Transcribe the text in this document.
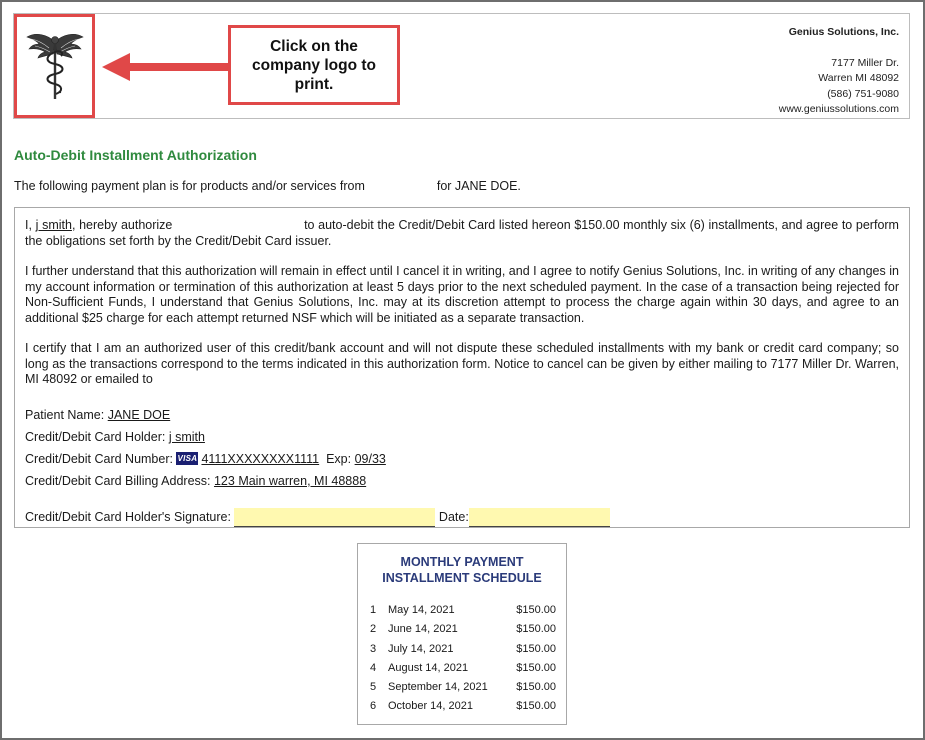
Click on the company logo to print.
Genius Solutions, Inc.
7177 Miller Dr.
Warren MI 48092
(586) 751-9080
www.geniussolutions.com
Auto-Debit Installment Authorization
The following payment plan is for products and/or services from	for JANE DOE.

I, j smith, hereby authorize	to auto-debit the Credit/Debit Card listed hereon $150.00 monthly six (6) installments, and agree to perform the obligations set forth by the Credit/Debit Card issuer.

I further understand that this authorization will remain in effect until I cancel it in writing, and I agree to notify Genius Solutions, Inc. in writing of any changes in my account information or termination of this authorization at least 5 days prior to the next scheduled payment. In the case of a transaction being rejected for Non-Sufficient Funds, I understand that Genius Solutions, Inc. may at its discretion attempt to process the charge again within 30 days, and agree to an additional $25 charge for each attempt returned NSF which will be initiated as a separate transaction.

I certify that I am an authorized user of this credit/bank account and will not dispute these scheduled installments with my bank or credit card company; so long as the transactions correspond to the terms indicated in this authorization form. Notice to cancel can be given by either mailing to 7177 Miller Dr. Warren, MI 48092 or emailed to

Patient Name: JANE DOE
Credit/Debit Card Holder: j smith
Credit/Debit Card Number: VISA 4111XXXXXXXX1111 Exp: 09/33
Credit/Debit Card Billing Address: 123 Main warren, MI 48888
Credit/Debit Card Holder's Signature:	Date:
MONTHLY PAYMENT
INSTALLMENT SCHEDULE
1	May 14, 2021	$150.00
2	June 14, 2021	$150.00
3	July 14, 2021	$150.00
4	August 14, 2021	$150.00
5	September 14, 2021	$150.00
6	October 14, 2021	$150.00
